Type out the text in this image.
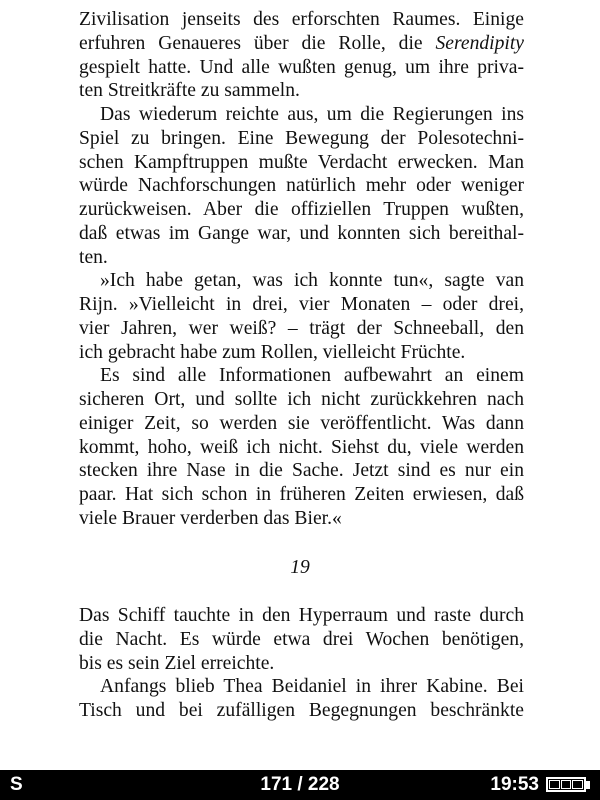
Zivilisation jenseits des erforschten Raumes. Einige
erfuhren Genaueres über die Rolle, die Serendipity
gespielt hatte. Und alle wußten genug, um ihre priva-
ten Streitkräfte zu sammeln.
Das wiederum reichte aus, um die Regierungen ins
Spiel zu bringen. Eine Bewegung der Polesotechni-
schen Kampftruppen mußte Verdacht erwecken. Man
würde Nachforschungen natürlich mehr oder weniger
zurückweisen. Aber die offiziellen Truppen wußten,
daß etwas im Gange war, und konnten sich bereithal-
ten.
»Ich habe getan, was ich konnte tun«, sagte van
Rijn. »Vielleicht in drei, vier Monaten – oder drei,
vier Jahren, wer weiß? – trägt der Schneeball, den
ich gebracht habe zum Rollen, vielleicht Früchte.
Es sind alle Informationen aufbewahrt an einem
sicheren Ort, und sollte ich nicht zurückkehren nach
einiger Zeit, so werden sie veröffentlicht. Was dann
kommt, hoho, weiß ich nicht. Siehst du, viele werden
stecken ihre Nase in die Sache. Jetzt sind es nur ein
paar. Hat sich schon in früheren Zeiten erwiesen, daß
viele Brauer verderben das Bier.«
19
Das Schiff tauchte in den Hyperraum und raste durch
die Nacht. Es würde etwa drei Wochen benötigen,
bis es sein Ziel erreichte.
Anfangs blieb Thea Beidaniel in ihrer Kabine. Bei
Tisch und bei zufälligen Begegnungen beschränkte
S	171 / 228	19:53
